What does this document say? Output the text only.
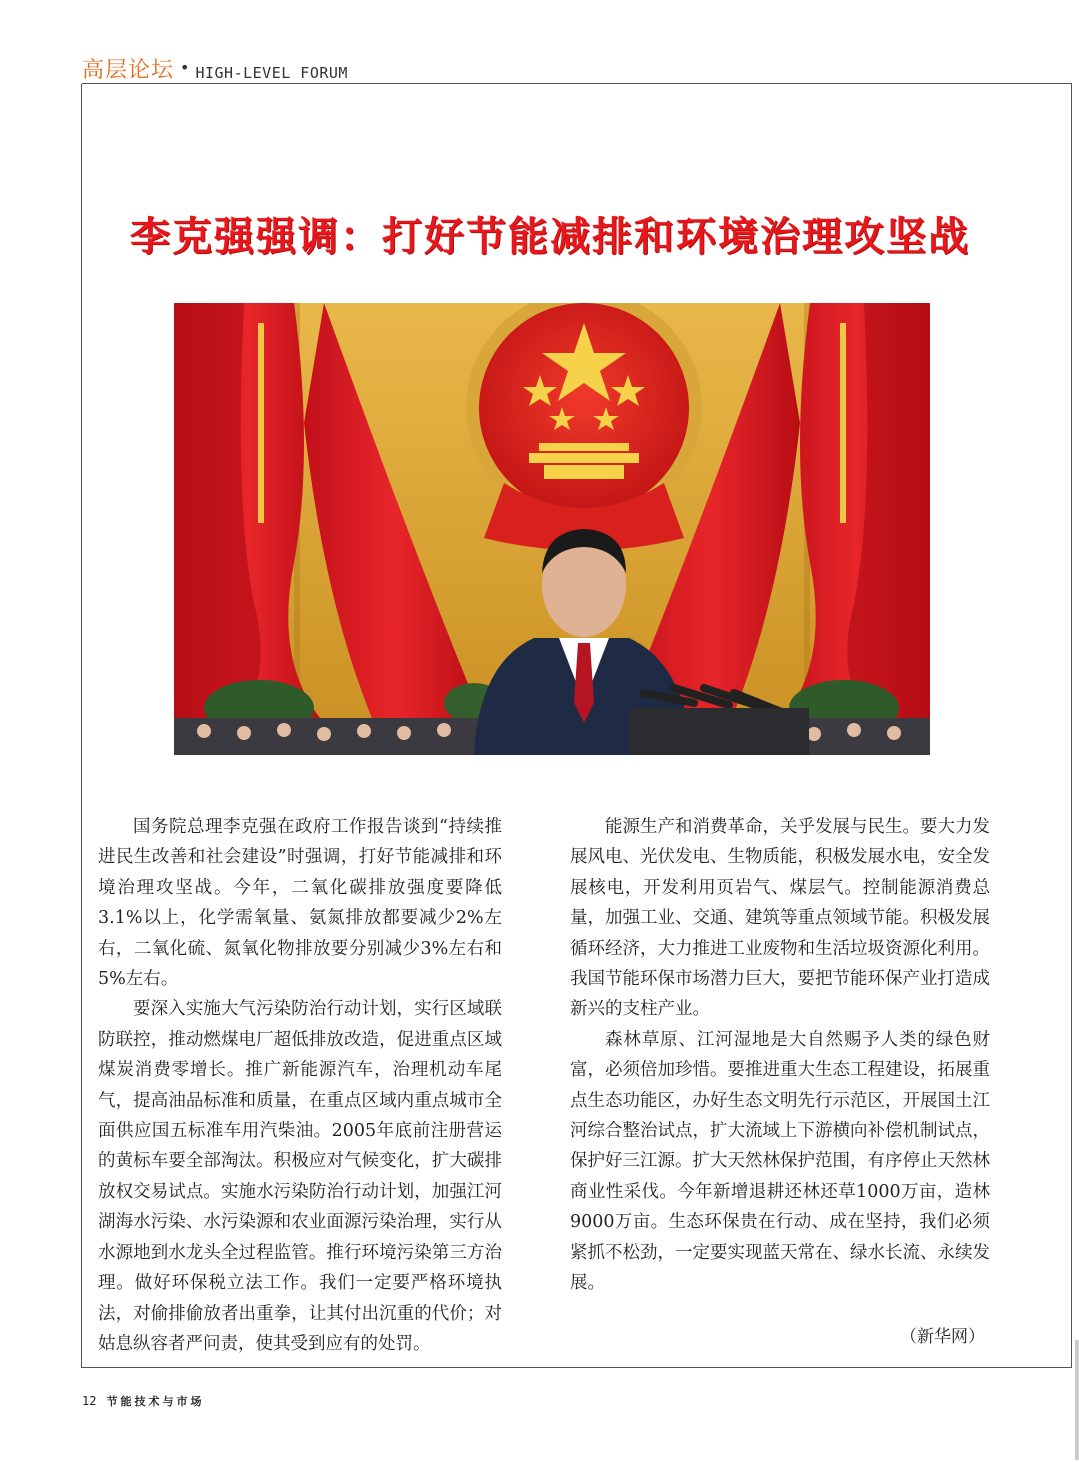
高层论坛 • HIGH-LEVEL FORUM
李克强强调：打好节能减排和环境治理攻坚战

国务院总理李克强在政府工作报告谈到“持续推进民生改善和社会建设”时强调，打好节能减排和环境治理攻坚战。今年，二氧化碳排放强度要降低3.1%以上，化学需氧量、氨氮排放都要减少2%左右，二氧化硫、氮氧化物排放要分别减少3%左右和5%左右。

要深入实施大气污染防治行动计划，实行区域联防联控，推动燃煤电厂超低排放改造，促进重点区域煤炭消费零增长。推广新能源汽车，治理机动车尾气，提高油品标准和质量，在重点区域内重点城市全面供应国五标准车用汽柴油。2005年底前注册营运的黄标车要全部淘汰。积极应对气候变化，扩大碳排放权交易试点。实施水污染防治行动计划，加强江河湖海水污染、水污染源和农业面源污染治理，实行从水源地到水龙头全过程监管。推行环境污染第三方治理。做好环保税立法工作。我们一定要严格环境执法，对偷排偷放者出重拳，让其付出沉重的代价；对姑息纵容者严问责，使其受到应有的处罚。

能源生产和消费革命，关乎发展与民生。要大力发展风电、光伏发电、生物质能，积极发展水电，安全发展核电，开发利用页岩气、煤层气。控制能源消费总量，加强工业、交通、建筑等重点领域节能。积极发展循环经济，大力推进工业废物和生活垃圾资源化利用。我国节能环保市场潜力巨大，要把节能环保产业打造成新兴的支柱产业。

森林草原、江河湿地是大自然赐予人类的绿色财富，必须倍加珍惜。要推进重大生态工程建设，拓展重点生态功能区，办好生态文明先行示范区，开展国土江河综合整治试点，扩大流域上下游横向补偿机制试点，保护好三江源。扩大天然林保护范围，有序停止天然林商业性采伐。今年新增退耕还林还草1000万亩，造林9000万亩。生态环保贵在行动、成在坚持，我们必须紧抓不松劲，一定要实现蓝天常在、绿水长流、永续发展。

（新华网）
12 节能技术与市场
